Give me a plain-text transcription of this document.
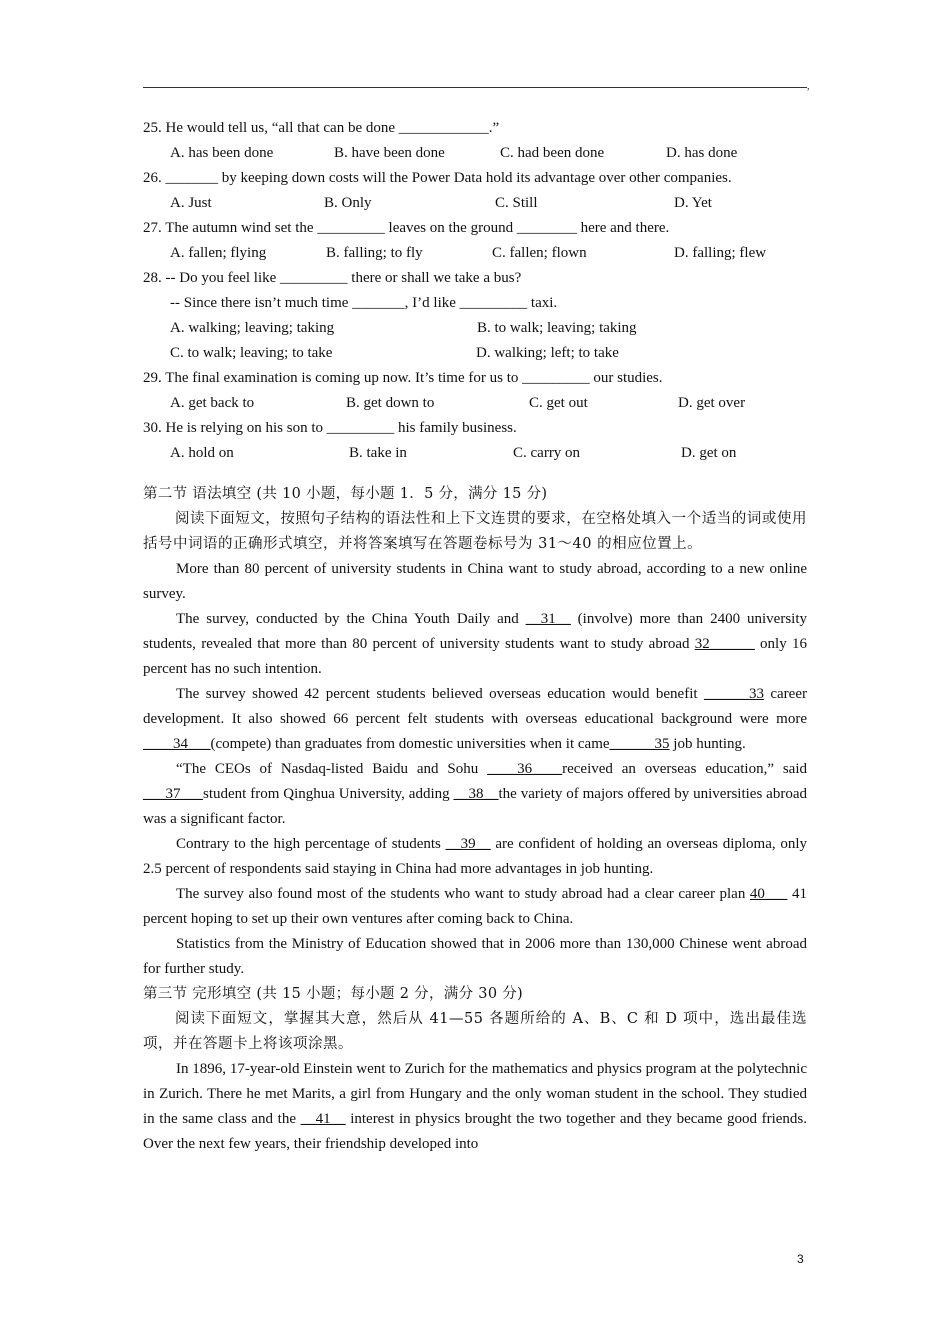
,
25. He would tell us, “all that can be done ____________.”
A. has been done	B. have been done	C. had been done	D. has done
26. _______ by keeping down costs will the Power Data hold its advantage over other companies.
A. Just	B. Only	C. Still	D. Yet
27. The autumn wind set the _________ leaves on the ground ________ here and there.
A. fallen; flying	B. falling; to fly	C. fallen; flown	D. falling; flew
28. -- Do you feel like _________ there or shall we take a bus?
-- Since there isn’t much time _______, I’d like _________ taxi.
A. walking; leaving; taking	B. to walk; leaving; taking
C. to walk; leaving; to take	D. walking; left; to take
29. The final examination is coming up now. It’s time for us to _________ our studies.
A. get back to	B. get down to	C. get out	D. get over
30. He is relying on his son to _________ his family business.
A. hold on	B. take in	C. carry on	D. get on
第二节 语法填空 (共 10 小题，每小题 1．5 分，满分 15 分)
阅读下面短文，按照句子结构的语法性和上下文连贯的要求，在空格处填入一个适当的词或使用括号中词语的正确形式填空，并将答案填写在答题卷标号为 31～40 的相应位置上。
More than 80 percent of university students in China want to study abroad, according to a new online survey.
The survey, conducted by the China Youth Daily and __31__ (involve) more than 2400 university students, revealed that more than 80 percent of university students want to study abroad 32______ only 16 percent has no such intention.
The survey showed 42 percent students believed overseas education would benefit ______33 career development. It also showed 66 percent felt students with overseas educational background were more ____34___(compete) than graduates from domestic universities when it came______35 job hunting.
“The CEOs of Nasdaq-listed Baidu and Sohu ____36____received an overseas education,” said ___37___student from Qinghua University, adding __38__the variety of majors offered by universities abroad was a significant factor.
Contrary to the high percentage of students __39__ are confident of holding an overseas diploma, only 2.5 percent of respondents said staying in China had more advantages in job hunting.
The survey also found most of the students who want to study abroad had a clear career plan 40___ 41 percent hoping to set up their own ventures after coming back to China.
Statistics from the Ministry of Education showed that in 2006 more than 130,000 Chinese went abroad for further study.
第三节 完形填空 (共 15 小题；每小题 2 分，满分 30 分)
阅读下面短文，掌握其大意，然后从 41—55 各题所给的 A、B、C 和 D 项中，选出最佳选项，并在答题卡上将该项涂黑。
In 1896, 17-year-old Einstein went to Zurich for the mathematics and physics program at the polytechnic in Zurich. There he met Marits, a girl from Hungary and the only woman student in the school. They studied in the same class and the __41__ interest in physics brought the two together and they became good friends. Over the next few years, their friendship developed into
3
